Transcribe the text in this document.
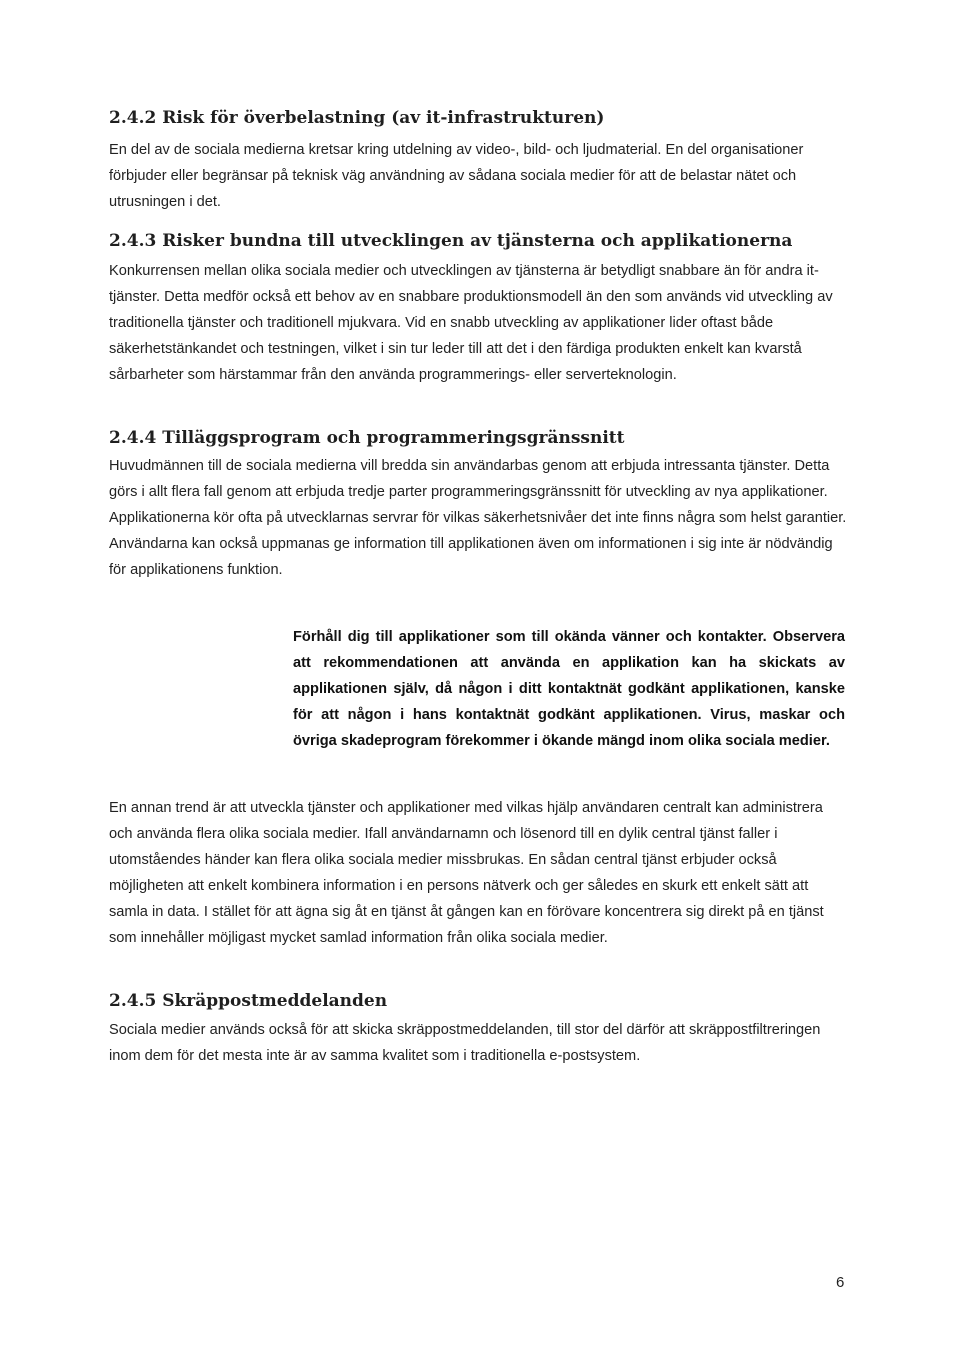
2.4.2 Risk för överbelastning (av it-infrastrukturen)

En del av de sociala medierna kretsar kring utdelning av video-, bild- och ljudmaterial. En del organisationer förbjuder eller begränsar på teknisk väg användning av sådana sociala medier för att de belastar nätet och utrusningen i det.

2.4.3 Risker bundna till utvecklingen av tjänsterna och applikationerna

Konkurrensen mellan olika sociala medier och utvecklingen av tjänsterna är betydligt snabbare än för andra it-tjänster. Detta medför också ett behov av en snabbare produktionsmodell än den som används vid utveckling av traditionella tjänster och traditionell mjukvara. Vid en snabb utveckling av applikationer lider oftast både säkerhetstänkandet och testningen, vilket i sin tur leder till att det i den färdiga produkten enkelt kan kvarstå sårbarheter som härstammar från den använda programmerings- eller serverteknologin.

2.4.4 Tilläggsprogram och programmeringsgränssnitt

Huvudmännen till de sociala medierna vill bredda sin användarbas genom att erbjuda intressanta tjänster. Detta görs i allt flera fall genom att erbjuda tredje parter programmeringsgränssnitt för utveckling av nya applikationer. Applikationerna kör ofta på utvecklarnas servrar för vilkas säkerhetsnivåer det inte finns några som helst garantier. Användarna kan också uppmanas ge information till applikationen även om informationen i sig inte är nödvändig för applikationens funktion.

Förhåll dig till applikationer som till okända vänner och kontakter. Observera att rekommendationen att använda en applikation kan ha skickats av applikationen själv, då någon i ditt kontaktnät godkänt applikationen, kanske för att någon i hans kontaktnät godkänt applikationen. Virus, maskar och övriga skadeprogram förekommer i ökande mängd inom olika sociala medier.

En annan trend är att utveckla tjänster och applikationer med vilkas hjälp användaren centralt kan administrera och använda flera olika sociala medier. Ifall användarnamn och lösenord till en dylik central tjänst faller i utomståendes händer kan flera olika sociala medier missbrukas. En sådan central tjänst erbjuder också möjligheten att enkelt kombinera information i en persons nätverk och ger således en skurk ett enkelt sätt att samla in data. I stället för att ägna sig åt en tjänst åt gången kan en förövare koncentrera sig direkt på en tjänst som innehåller möjligast mycket samlad information från olika sociala medier.

2.4.5 Skräppostmeddelanden

Sociala medier används också för att skicka skräppostmeddelanden, till stor del därför att skräppostfiltreringen inom dem för det mesta inte är av samma kvalitet som i traditionella e-postsystem.

6
